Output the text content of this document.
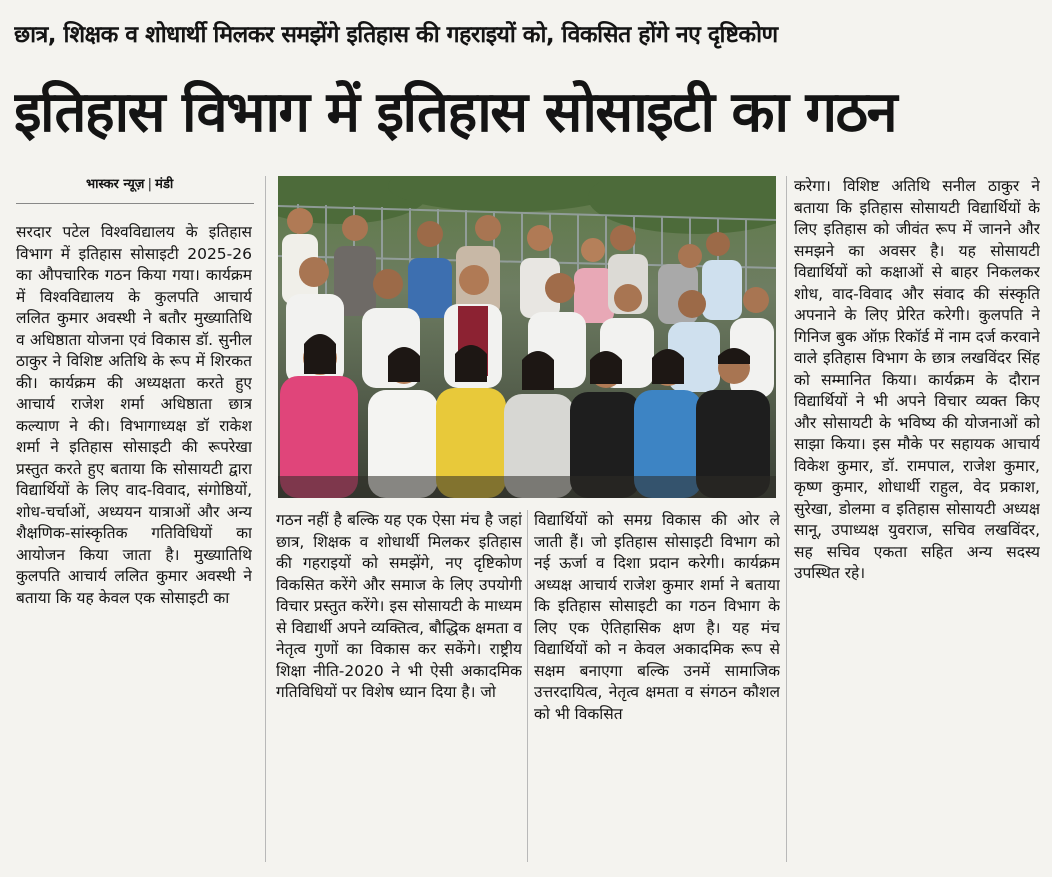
छात्र, शिक्षक व शोधार्थी मिलकर समझेंगे इतिहास की गहराइयों को, विकसित होंगे नए दृष्टिकोण
इतिहास विभाग में इतिहास सोसाइटी का गठन
भास्कर न्यूज़ | मंडी

सरदार पटेल विश्वविद्यालय के इतिहास विभाग में इतिहास सोसाइटी 2025-26 का औपचारिक गठन किया गया। कार्यक्रम में विश्वविद्यालय के कुलपति आचार्य ललित कुमार अवस्थी ने बतौर मुख्यातिथि व अधिष्ठाता योजना एवं विकास डॉ. सुनील ठाकुर ने विशिष्ट अतिथि के रूप में शिरकत की। कार्यक्रम की अध्यक्षता करते हुए आचार्य राजेश शर्मा अधिष्ठाता छात्र कल्याण ने की। विभागाध्यक्ष डॉ राकेश शर्मा ने इतिहास सोसाइटी की रूपरेखा प्रस्तुत करते हुए बताया कि सोसायटी द्वारा विद्यार्थियों के लिए वाद-विवाद, संगोष्ठियों, शोध-चर्चाओं, अध्ययन यात्राओं और अन्य शैक्षणिक-सांस्कृतिक गतिविधियों का आयोजन किया जाता है। मुख्यातिथि कुलपति आचार्य ललित कुमार अवस्थी ने बताया कि यह केवल एक सोसाइटी का

गठन नहीं है बल्कि यह एक ऐसा मंच है जहां छात्र, शिक्षक व शोधार्थी मिलकर इतिहास की गहराइयों को समझेंगे, नए दृष्टिकोण विकसित करेंगे और समाज के लिए उपयोगी विचार प्रस्तुत करेंगे। इस सोसायटी के माध्यम से विद्यार्थी अपने व्यक्तित्व, बौद्धिक क्षमता व नेतृत्व गुणों का विकास कर सकेंगे। राष्ट्रीय शिक्षा नीति-2020 ने भी ऐसी अकादमिक गतिविधियों पर विशेष ध्यान दिया है। जो

विद्यार्थियों को समग्र विकास की ओर ले जाती हैं। जो इतिहास सोसाइटी विभाग को नई ऊर्जा व दिशा प्रदान करेगी। कार्यक्रम अध्यक्ष आचार्य राजेश कुमार शर्मा ने बताया कि इतिहास सोसाइटी का गठन विभाग के लिए एक ऐतिहासिक क्षण है। यह मंच विद्यार्थियों को न केवल अकादमिक रूप से सक्षम बनाएगा बल्कि उनमें सामाजिक उत्तरदायित्व, नेतृत्व क्षमता व संगठन कौशल को भी विकसित

करेगा। विशिष्ट अतिथि सनील ठाकुर ने बताया कि इतिहास सोसायटी विद्यार्थियों के लिए इतिहास को जीवंत रूप में जानने और समझने का अवसर है। यह सोसायटी विद्यार्थियों को कक्षाओं से बाहर निकलकर शोध, वाद-विवाद और संवाद की संस्कृति अपनाने के लिए प्रेरित करेगी। कुलपति ने गिनिज बुक ऑफ़ रिकॉर्ड में नाम दर्ज करवाने वाले इतिहास विभाग के छात्र लखविंदर सिंह को सम्मानित किया। कार्यक्रम के दौरान विद्यार्थियों ने भी अपने विचार व्यक्त किए और सोसायटी के भविष्य की योजनाओं को साझा किया। इस मौके पर सहायक आचार्य विकेश कुमार, डॉ. रामपाल, राजेश कुमार, कृष्ण कुमार, शोधार्थी राहुल, वेद प्रकाश, सुरेखा, डोलमा व इतिहास सोसायटी अध्यक्ष सानू, उपाध्यक्ष युवराज, सचिव लखविंदर, सह सचिव एकता सहित अन्य सदस्य उपस्थित रहे।
